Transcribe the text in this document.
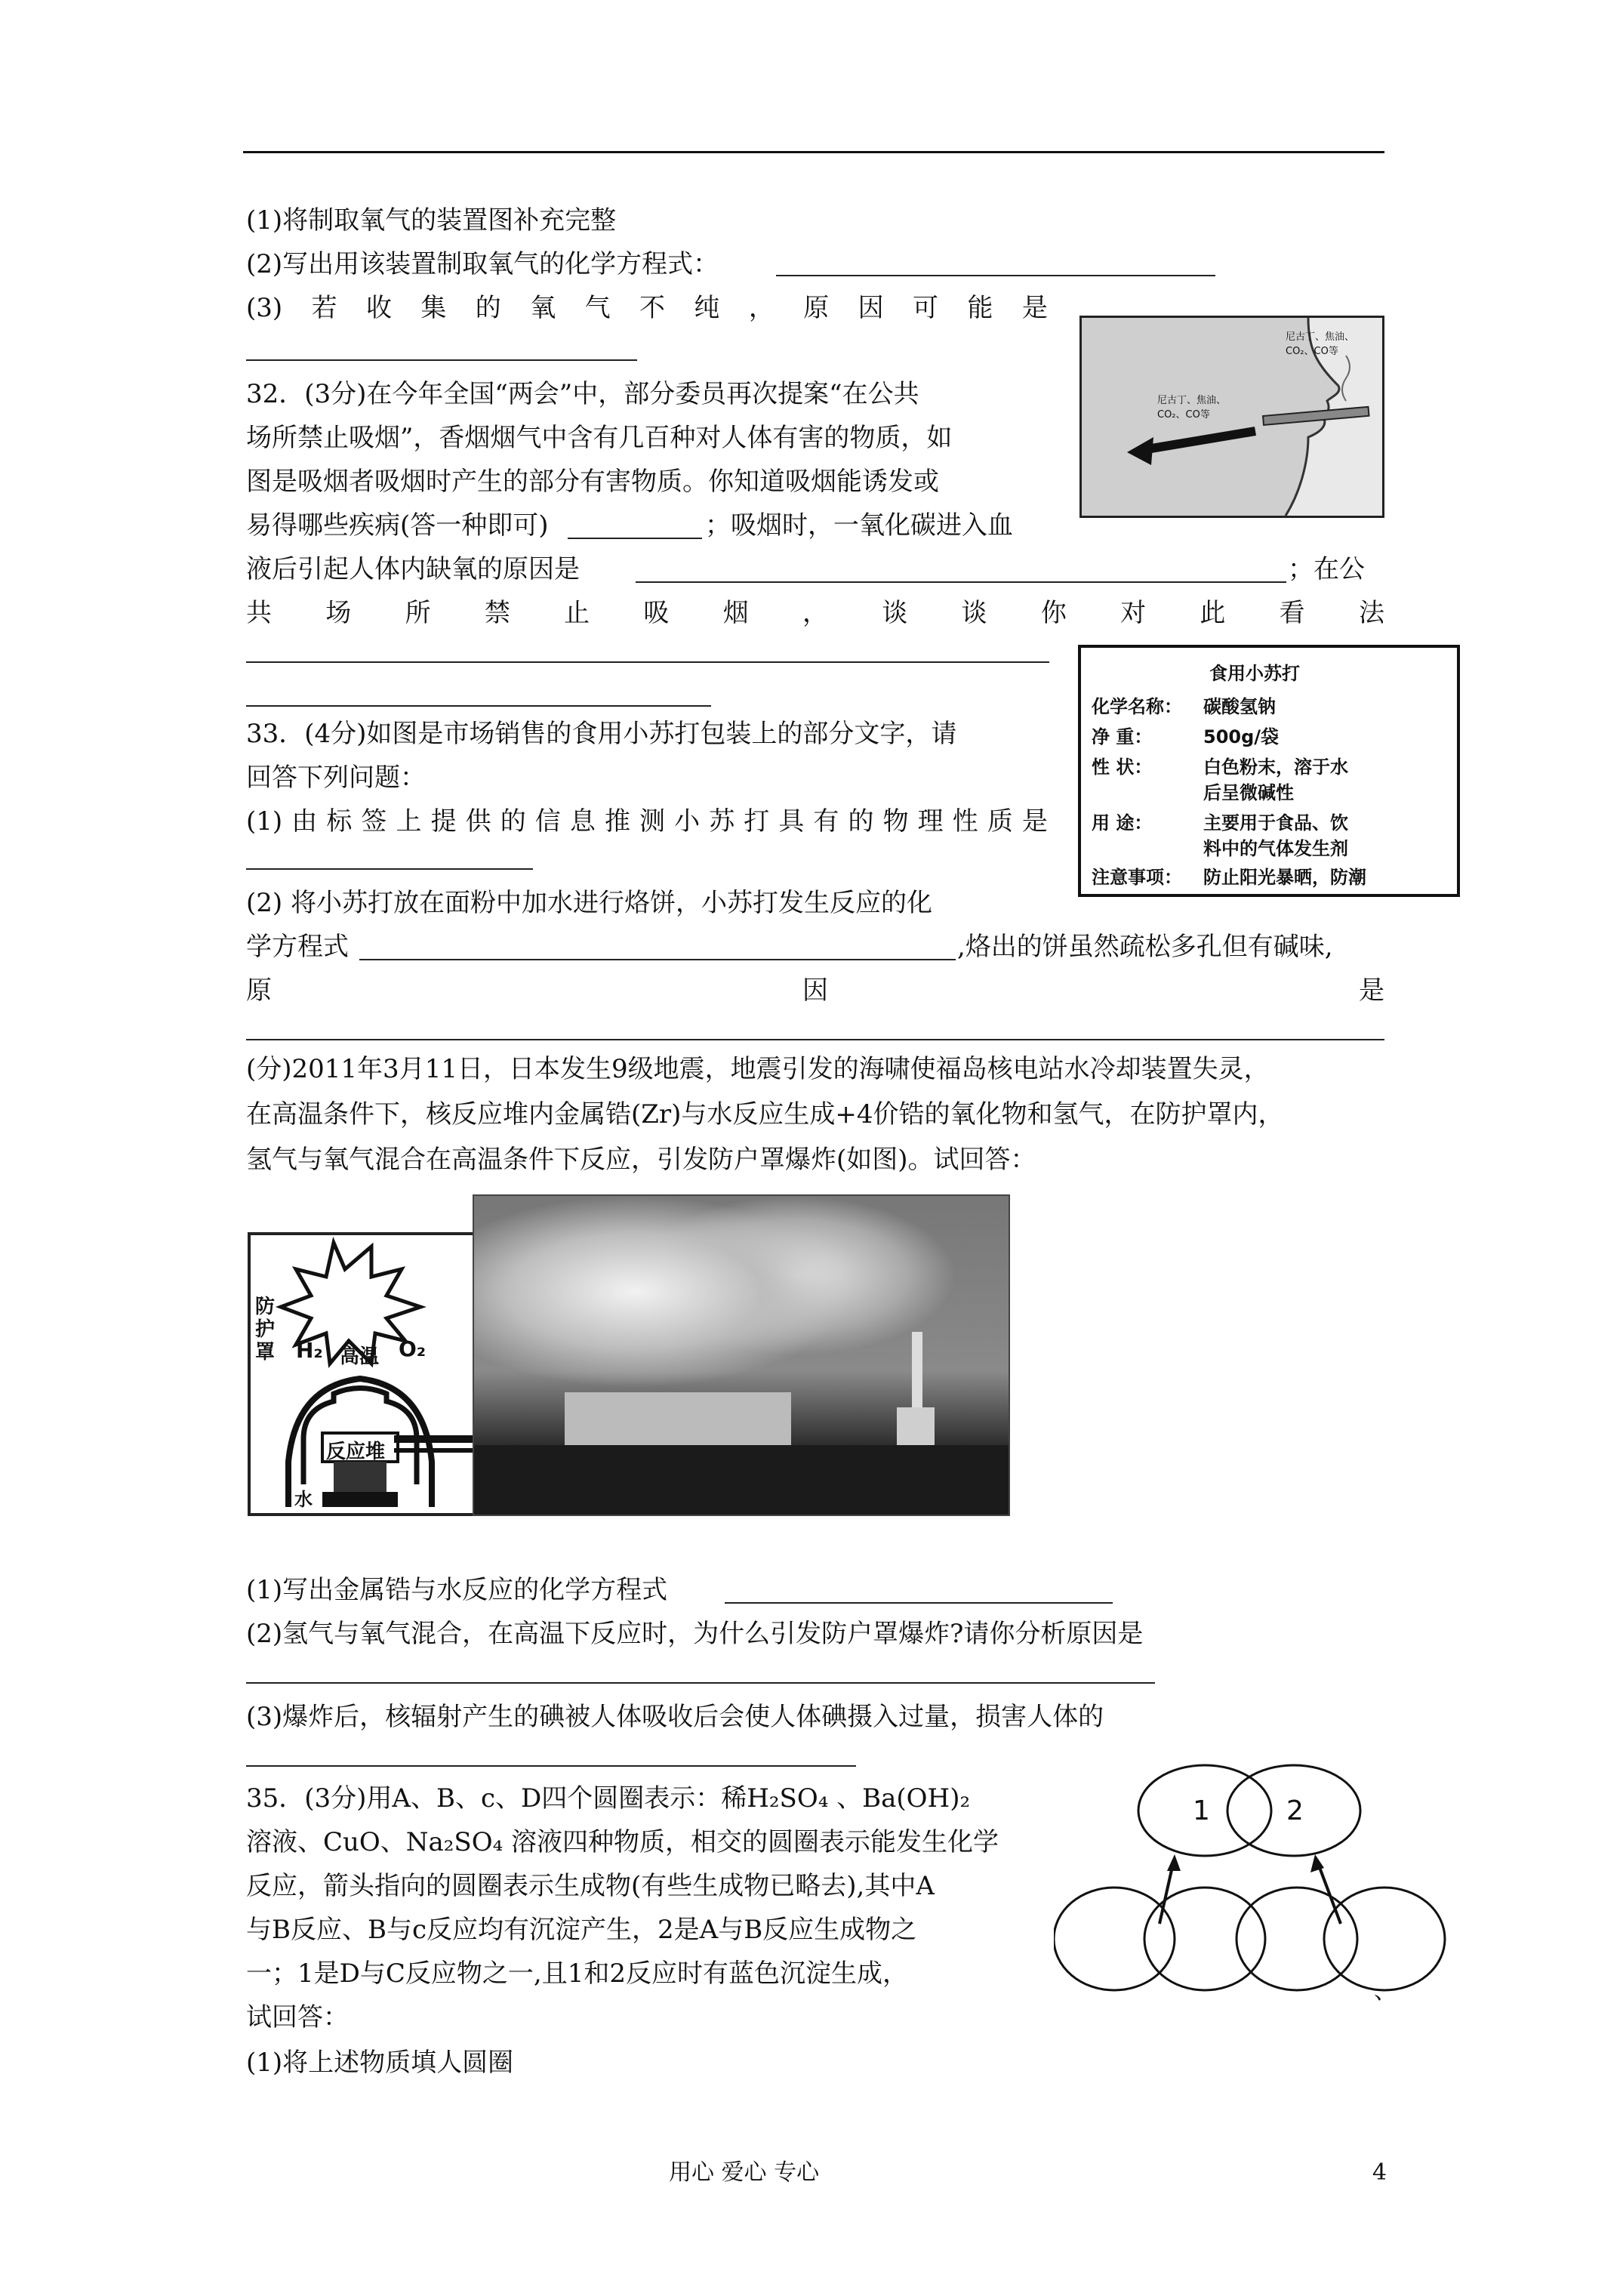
(1)将制取氧气的装置图补充完整
(2)写出用该装置制取氧气的化学方程式：
(3) 若 收 集 的 氧 气 不 纯 ， 原 因 可 能 是
尼古丁、焦油、CO₂、CO等
尼古丁、焦油、CO₂、CO等
32．(3分)在今年全国“两会”中，部分委员再次提案“在公共
场所禁止吸烟”，香烟烟气中含有几百种对人体有害的物质，如
图是吸烟者吸烟时产生的部分有害物质。你知道吸烟能诱发或
易得哪些疾病(答一种即可)	；吸烟时，一氧化碳进入血
液后引起人体内缺氧的原因是	；在公
共 场 所 禁 止 吸 烟 ， 谈 谈 你 对 此 看 法
食用小苏打
化学名称： 碳酸氢钠
净 重：	500g/袋
性 状：	白色粉末，溶于水
后呈微碱性
用 途：	主要用于食品、饮
料中的气体发生剂
注意事项： 防止阳光暴晒，防潮
33．(4分)如图是市场销售的食用小苏打包装上的部分文字，请
回答下列问题：
(1) 由 标 签 上 提 供 的 信 息 推 测 小 苏 打 具 有 的 物 理 性 质 是
(2) 将小苏打放在面粉中加水进行烙饼，小苏打发生反应的化
学方程式	,烙出的饼虽然疏松多孔但有碱味,
原	因	是
(分)2011年3月11日，日本发生9级地震，地震引发的海啸使福岛核电站水冷却装置失灵，
在高温条件下，核反应堆内金属锆(Zr)与水反应生成+4价锆的氧化物和氢气，在防护罩内，
氢气与氧气混合在高温条件下反应，引发防户罩爆炸(如图)。试回答：
防护罩 H₂ 高温 O₂
反应堆
水
(1)写出金属锆与水反应的化学方程式
(2)氢气与氧气混合，在高温下反应时，为什么引发防户罩爆炸?请你分析原因是
(3)爆炸后，核辐射产生的碘被人体吸收后会使人体碘摄入过量，损害人体的
35．(3分)用A、B、c、D四个圆圈表示：稀H₂SO₄ 、Ba(OH)₂
溶液、CuO、Na₂SO₄ 溶液四种物质，相交的圆圈表示能发生化学
反应，箭头指向的圆圈表示生成物(有些生成物已略去),其中A
与B反应、B与c反应均有沉淀产生，2是A与B反应生成物之
一；1是D与C反应物之一,且1和2反应时有蓝色沉淀生成，
试回答：
(1)将上述物质填人圆圈
1	2
、
用心 爱心 专心	4
